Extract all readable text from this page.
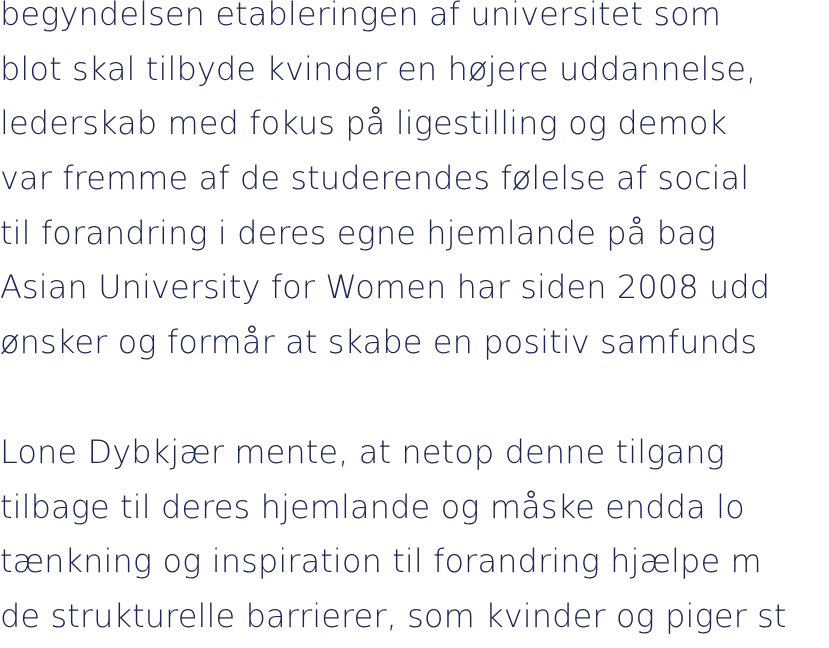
begyndelsen etableringen af universitet som
blot skal tilbyde kvinder en højere uddannelse,
lederskab med fokus på ligestilling og demok
var fremme af de studerendes følelse af social
til forandring i deres egne hjemlande på bag
Asian University for Women har siden 2008 udd
ønsker og formår at skabe en positiv samfunds
Lone Dybkjær mente, at netop denne tilgang
tilbage til deres hjemlande og måske endda lo
tænkning og inspiration til forandring hjælpe m
de strukturelle barrierer, som kvinder og piger st
